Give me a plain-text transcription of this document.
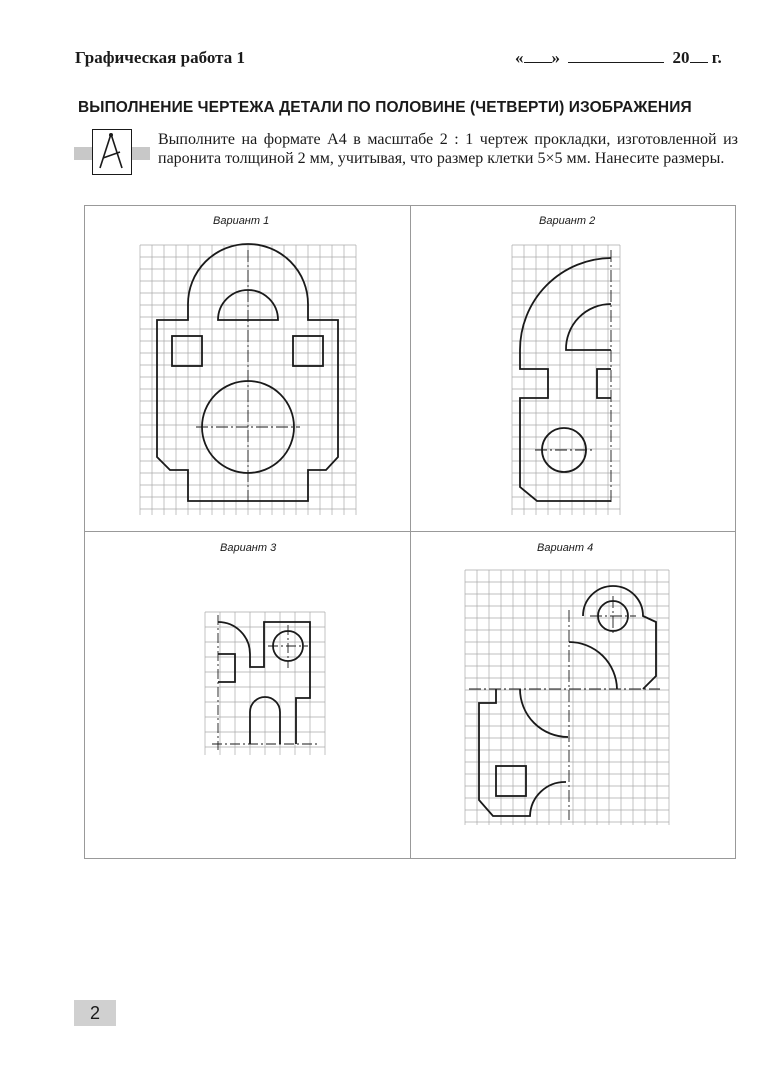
Графическая работа 1	« »	20 г.
ВЫПОЛНЕНИЕ ЧЕРТЕЖА ДЕТАЛИ ПО ПОЛОВИНЕ (ЧЕТВЕРТИ) ИЗОБРАЖЕНИЯ
Выполните на формате А4 в масштабе 2 : 1 чертеж прокладки, изготовленной из паронита толщиной 2 мм, учитывая, что размер клетки 5×5 мм. Нанесите размеры.
Вариант 1	Вариант 2
Вариант 3	Вариант 4
2
